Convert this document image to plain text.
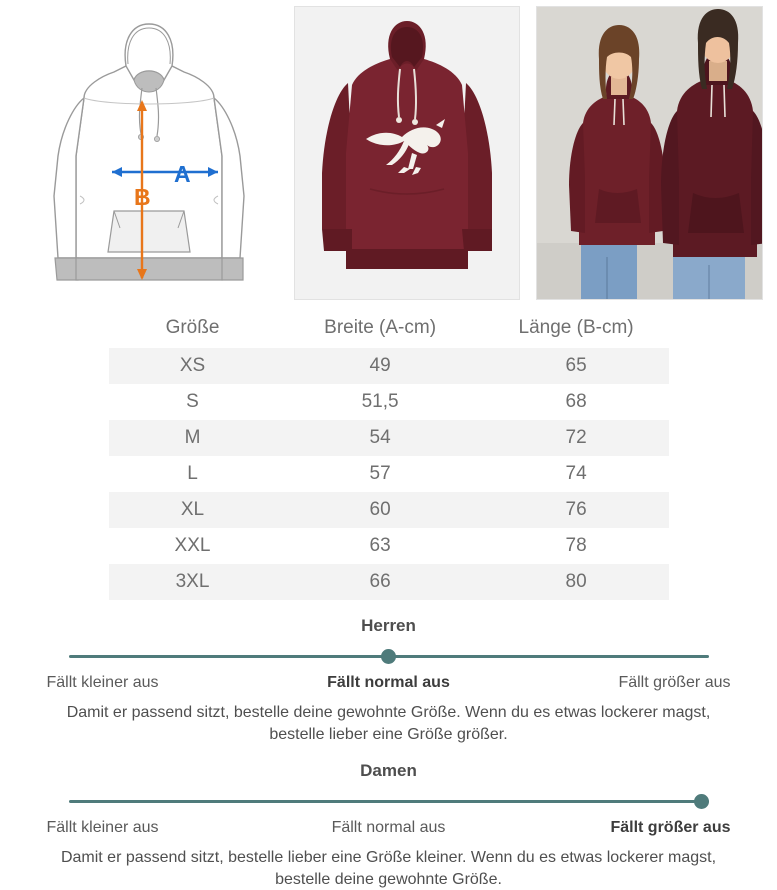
A
B
Größe	Breite (A-cm)	Länge (B-cm)
XS	49	65
S	51,5	68
M	54	72
L	57	74
XL	60	76
XXL	63	78
3XL	66	80
Herren
Fällt kleiner aus	Fällt normal aus	Fällt größer aus
Damit er passend sitzt, bestelle deine gewohnte Größe. Wenn du es etwas lockerer magst, bestelle lieber eine Größe größer.
Damen
Fällt kleiner aus	Fällt normal aus	Fällt größer aus
Damit er passend sitzt, bestelle lieber eine Größe kleiner. Wenn du es etwas lockerer magst, bestelle deine gewohnte Größe.
